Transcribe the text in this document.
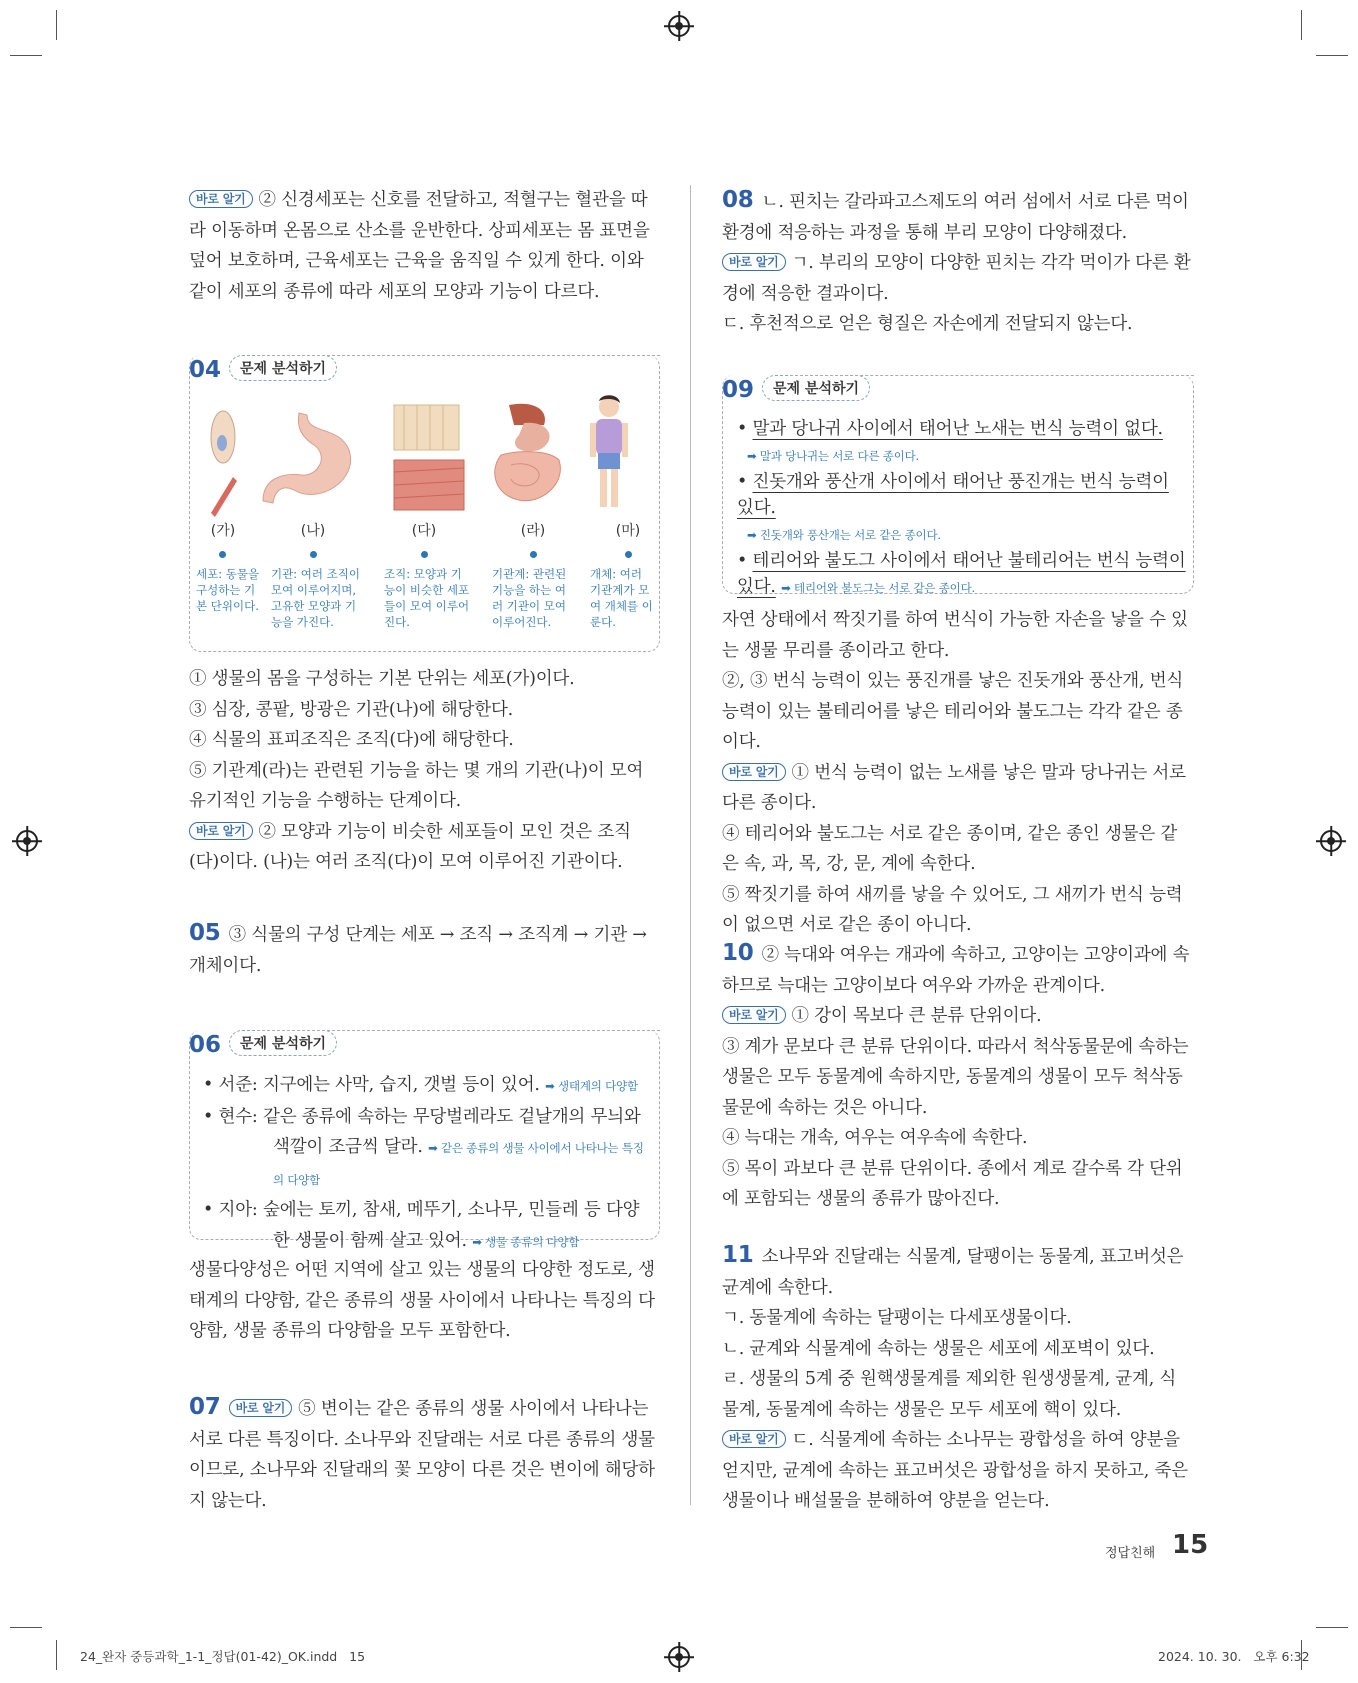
바로 알기 ② 신경세포는 신호를 전달하고, 적혈구는 혈관을 따라 이동하며 온몸으로 산소를 운반한다. 상피세포는 몸 표면을 덮어 보호하며, 근육세포는 근육을 움직일 수 있게 한다. 이와 같이 세포의 종류에 따라 세포의 모양과 기능이 다르다.

04 문제 분석하기
(가)	(나)	(다)	(라)	(마)
세포: 동물을 구성하는 기본 단위이다.
기관: 여러 조직이 모여 이루어지며, 고유한 모양과 기능을 가진다.
조직: 모양과 기능이 비슷한 세포들이 모여 이루어진다.
기관계: 관련된 기능을 하는 여러 기관이 모여 이루어진다.
개체: 여러 기관계가 모여 개체를 이룬다.

① 생물의 몸을 구성하는 기본 단위는 세포(가)이다.

③ 심장, 콩팥, 방광은 기관(나)에 해당한다.

④ 식물의 표피조직은 조직(다)에 해당한다.

⑤ 기관계(라)는 관련된 기능을 하는 몇 개의 기관(나)이 모여 유기적인 기능을 수행하는 단계이다.

바로 알기 ② 모양과 기능이 비슷한 세포들이 모인 것은 조직(다)이다. (나)는 여러 조직(다)이 모여 이루어진 기관이다.

05 ③ 식물의 구성 단계는 세포 → 조직 → 조직계 → 기관 → 개체이다.

06 문제 분석하기

• 서준: 지구에는 사막, 습지, 갯벌 등이 있어. ➡ 생태계의 다양함

• 현수: 같은 종류에 속하는 무당벌레라도 겉날개의 무늬와 색깔이 조금씩 달라. ➡ 같은 종류의 생물 사이에서 나타나는 특징의 다양함

• 지아: 숲에는 토끼, 참새, 메뚜기, 소나무, 민들레 등 다양한 생물이 함께 살고 있어. ➡ 생물 종류의 다양함

생물다양성은 어떤 지역에 살고 있는 생물의 다양한 정도로, 생태계의 다양함, 같은 종류의 생물 사이에서 나타나는 특징의 다양함, 생물 종류의 다양함을 모두 포함한다.

07 바로 알기 ⑤ 변이는 같은 종류의 생물 사이에서 나타나는 서로 다른 특징이다. 소나무와 진달래는 서로 다른 종류의 생물이므로, 소나무와 진달래의 꽃 모양이 다른 것은 변이에 해당하지 않는다.

08 ㄴ. 핀치는 갈라파고스제도의 여러 섬에서 서로 다른 먹이 환경에 적응하는 과정을 통해 부리 모양이 다양해졌다.

바로 알기 ㄱ. 부리의 모양이 다양한 핀치는 각각 먹이가 다른 환경에 적응한 결과이다.

ㄷ. 후천적으로 얻은 형질은 자손에게 전달되지 않는다.

09 문제 분석하기

• 말과 당나귀 사이에서 태어난 노새는 번식 능력이 없다.

➡ 말과 당나귀는 서로 다른 종이다.

• 진돗개와 풍산개 사이에서 태어난 풍진개는 번식 능력이 있다.

➡ 진돗개와 풍산개는 서로 같은 종이다.

• 테리어와 불도그 사이에서 태어난 불테리어는 번식 능력이 있다. ➡ 테리어와 불도그는 서로 같은 종이다.

자연 상태에서 짝짓기를 하여 번식이 가능한 자손을 낳을 수 있는 생물 무리를 종이라고 한다.

②, ③ 번식 능력이 있는 풍진개를 낳은 진돗개와 풍산개, 번식 능력이 있는 불테리어를 낳은 테리어와 불도그는 각각 같은 종이다.

바로 알기 ① 번식 능력이 없는 노새를 낳은 말과 당나귀는 서로 다른 종이다.

④ 테리어와 불도그는 서로 같은 종이며, 같은 종인 생물은 같은 속, 과, 목, 강, 문, 계에 속한다.

⑤ 짝짓기를 하여 새끼를 낳을 수 있어도, 그 새끼가 번식 능력이 없으면 서로 같은 종이 아니다.

10 ② 늑대와 여우는 개과에 속하고, 고양이는 고양이과에 속하므로 늑대는 고양이보다 여우와 가까운 관계이다.

바로 알기 ① 강이 목보다 큰 분류 단위이다.

③ 계가 문보다 큰 분류 단위이다. 따라서 척삭동물문에 속하는 생물은 모두 동물계에 속하지만, 동물계의 생물이 모두 척삭동물문에 속하는 것은 아니다.

④ 늑대는 개속, 여우는 여우속에 속한다.

⑤ 목이 과보다 큰 분류 단위이다. 종에서 계로 갈수록 각 단위에 포함되는 생물의 종류가 많아진다.

11 소나무와 진달래는 식물계, 달팽이는 동물계, 표고버섯은 균계에 속한다.

ㄱ. 동물계에 속하는 달팽이는 다세포생물이다.

ㄴ. 균계와 식물계에 속하는 생물은 세포에 세포벽이 있다.

ㄹ. 생물의 5계 중 원핵생물계를 제외한 원생생물계, 균계, 식물계, 동물계에 속하는 생물은 모두 세포에 핵이 있다.

바로 알기 ㄷ. 식물계에 속하는 소나무는 광합성을 하여 양분을 얻지만, 균계에 속하는 표고버섯은 광합성을 하지 못하고, 죽은 생물이나 배설물을 분해하여 양분을 얻는다.

정답친해 15
24_완자 중등과학_1-1_정답(01-42)_OK.indd   15	2024. 10. 30.   오후 6:32
